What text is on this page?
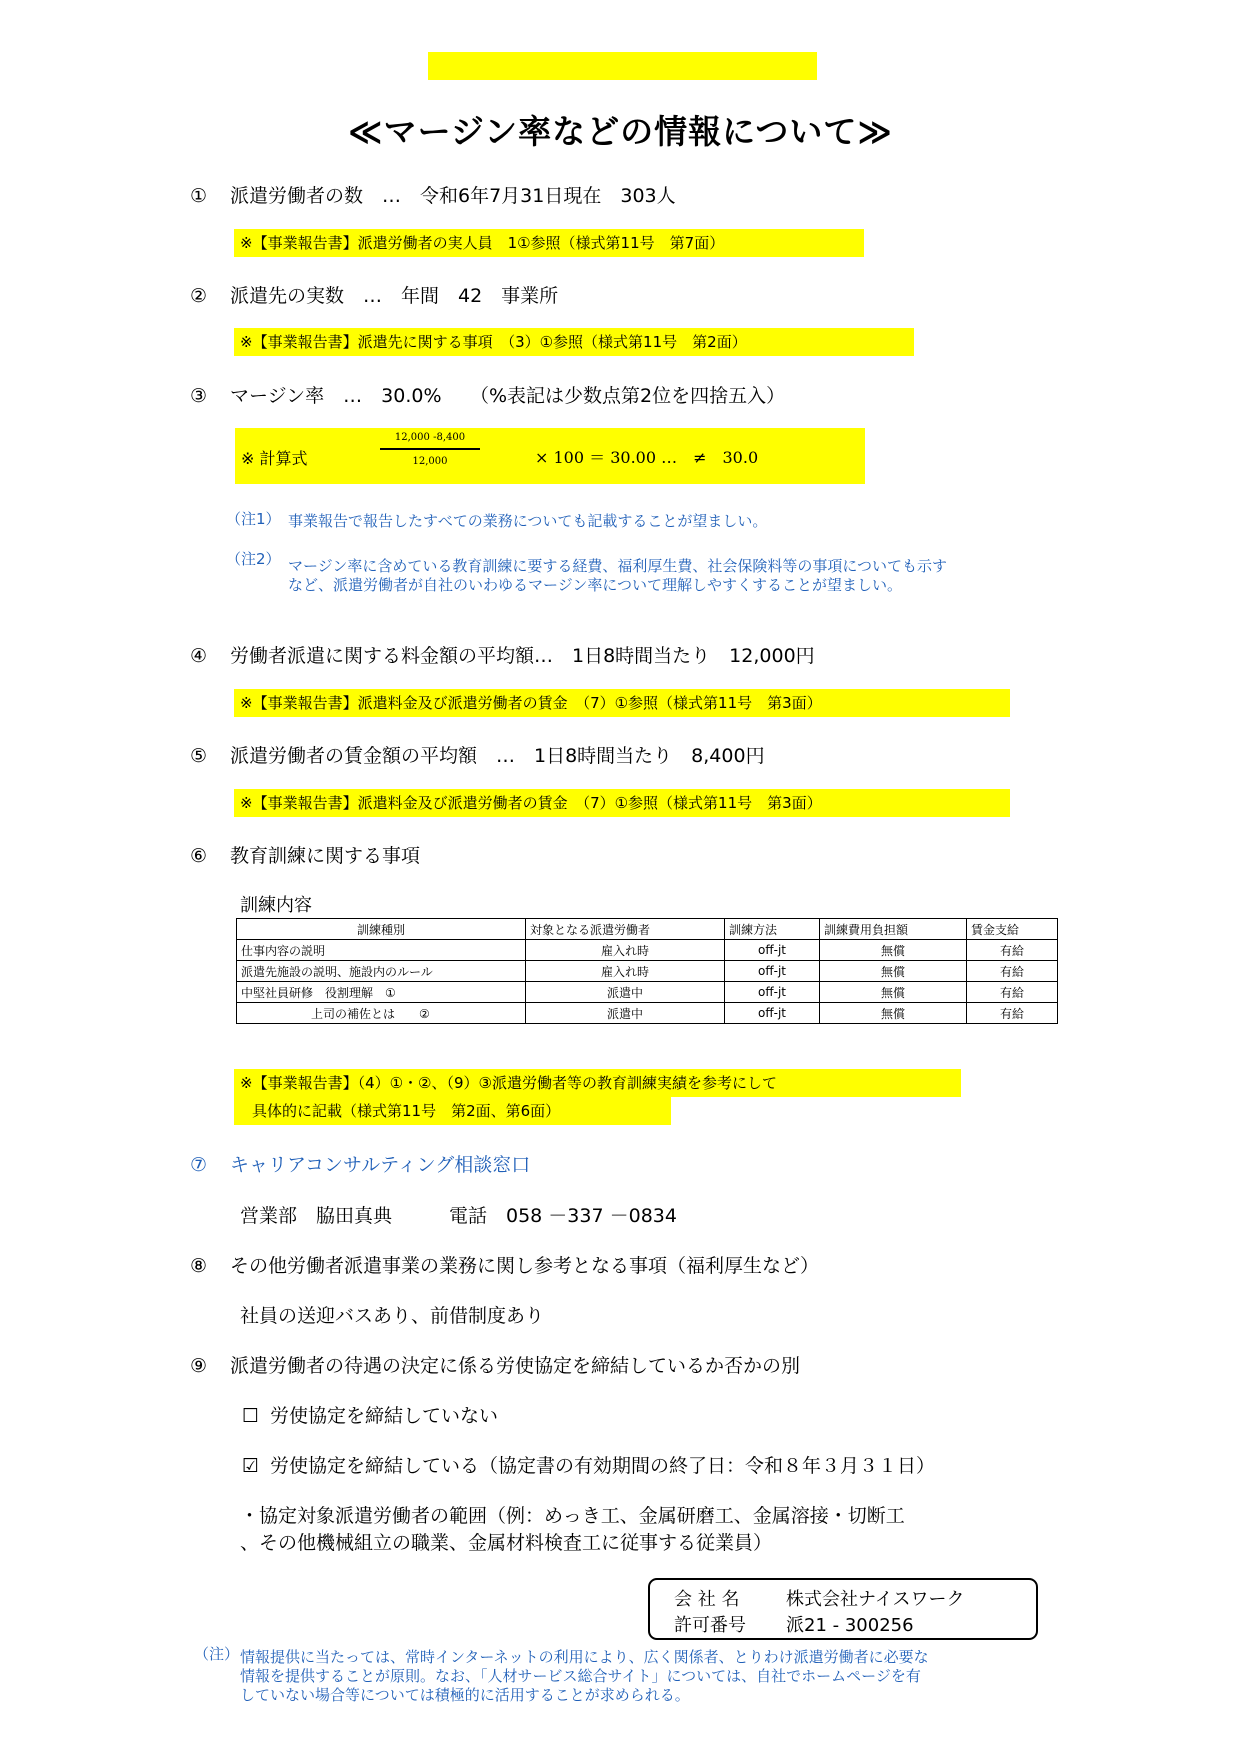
≪マージン率などの情報について≫
① 派遣労働者の数　…　令和6年7月31日現在　303人
※【事業報告書】派遣労働者の実人員　1①参照（様式第11号　第7面）
② 派遣先の実数　…　年間　42　事業所
※【事業報告書】派遣先に関する事項　（3）①参照（様式第11号　第2面）
③ マージン率　…　30.0%　　（%表記は少数点第2位を四捨五入）
※ 計算式	× 100 ＝ 30.00 …　≠　30.0
12,000 -8,400
12,000
（注1） 事業報告で報告したすべての業務についても記載することが望ましい。
（注2） マージン率に含めている教育訓練に要する経費、福利厚生費、社会保険料等の事項についても示す
など、派遣労働者が自社のいわゆるマージン率について理解しやすくすることが望ましい。
④ 労働者派遣に関する料金額の平均額…　1日8時間当たり　12,000円
※【事業報告書】派遣料金及び派遣労働者の賃金　（7）①参照（様式第11号　第3面）
⑤ 派遣労働者の賃金額の平均額　…　1日8時間当たり　8,400円
※【事業報告書】派遣料金及び派遣労働者の賃金　（7）①参照（様式第11号　第3面）
⑥ 教育訓練に関する事項
訓練内容
訓練種別	対象となる派遣労働者	訓練方法	訓練費用負担額	賃金支給
仕事内容の説明	雇入れ時	off-jt	無償	有給
派遣先施設の説明、施設内のルール	雇入れ時	off-jt	無償	有給
中堅社員研修　役割理解　①	派遣中	off-jt	無償	有給
上司の補佐とは　　②	派遣中	off-jt	無償	有給
※【事業報告書】（4）①・②、（9）③派遣労働者等の教育訓練実績を参考にして
具体的に記載（様式第11号　第2面、第6面）
⑦ キャリアコンサルティング相談窓口
営業部　脇田真典　　　電話　058 －337 －0834
⑧ その他労働者派遣事業の業務に関し参考となる事項（福利厚生など）
社員の送迎バスあり、前借制度あり
⑨ 派遣労働者の待遇の決定に係る労使協定を締結しているか否かの別
☐ 労使協定を締結していない
☑ 労使協定を締結している（協定書の有効期間の終了日：令和８年３月３１日）
・協定対象派遣労働者の範囲（例：めっき工、金属研磨工、金属溶接・切断工
、その他機械組立の職業、金属材料検査工に従事する従業員）
会 社 名	株式会社ナイスワーク
許可番号 派21 - 300256
（注） 情報提供に当たっては、常時インターネットの利用により、広く関係者、とりわけ派遣労働者に必要な
情報を提供することが原則。なお、「人材サービス総合サイト」については、自社でホームページを有
していない場合等については積極的に活用することが求められる。
